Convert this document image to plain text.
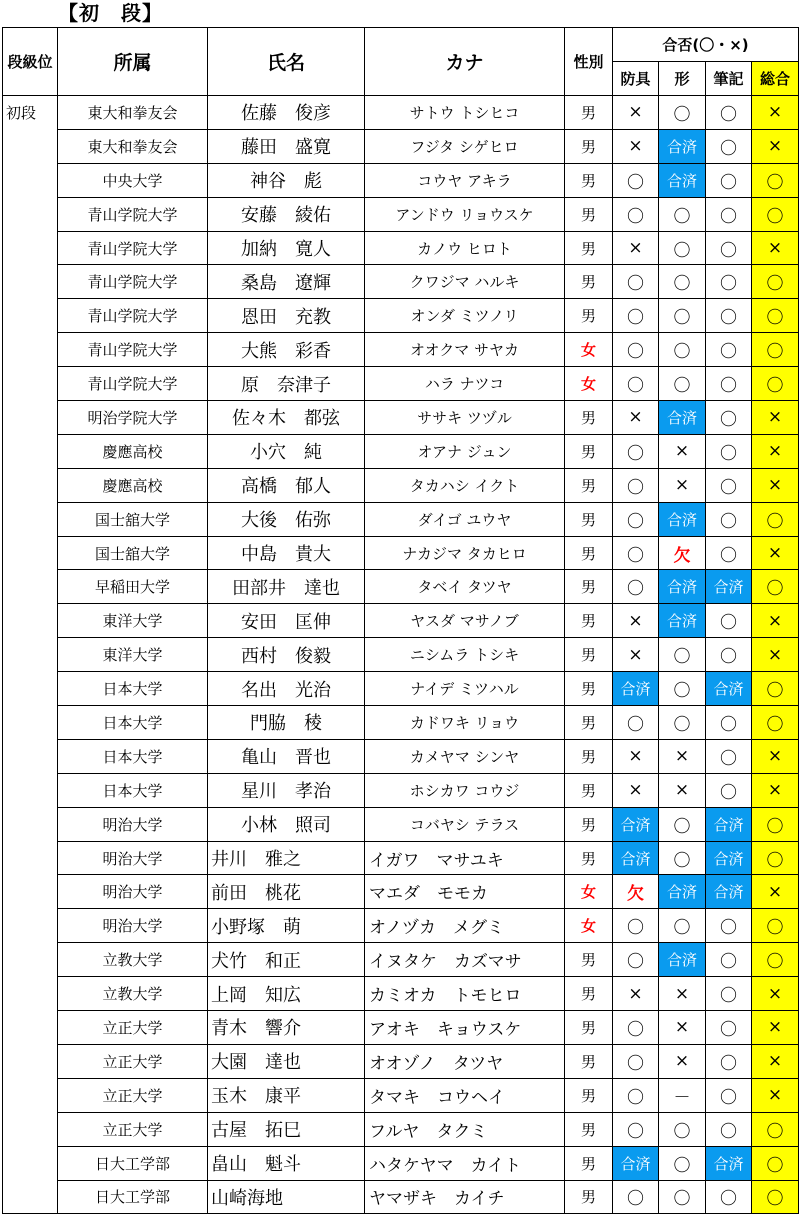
【初　段】
段級位	所属	氏名	カナ	性別	合否(〇・×)			
					防具	形	筆記	総合
初段	東大和拳友会	佐藤　俊彦	サトウ トシヒコ	男	×	〇	〇	×
	東大和拳友会	藤田　盛寛	フジタ シゲヒロ	男	×	合済	〇	×
	中央大学	神谷　彪	コウヤ アキラ	男	〇	合済	〇	〇
	青山学院大学	安藤　綾佑	アンドウ リョウスケ	男	〇	〇	〇	〇
	青山学院大学	加納　寛人	カノウ ヒロト	男	×	〇	〇	×
	青山学院大学	桑島　遼輝	クワジマ ハルキ	男	〇	〇	〇	〇
	青山学院大学	恩田　充教	オンダ ミツノリ	男	〇	〇	〇	〇
	青山学院大学	大熊　彩香	オオクマ サヤカ	女	〇	〇	〇	〇
	青山学院大学	原　奈津子	ハラ ナツコ	女	〇	〇	〇	〇
	明治学院大学	佐々木　都弦	ササキ ツヅル	男	×	合済	〇	×
	慶應高校	小穴　純	オアナ ジュン	男	〇	×	〇	×
	慶應高校	高橋　郁人	タカハシ イクト	男	〇	×	〇	×
	国士舘大学	大後　佑弥	ダイゴ ユウヤ	男	〇	合済	〇	〇
	国士舘大学	中島　貴大	ナカジマ タカヒロ	男	〇	欠	〇	×
	早稲田大学	田部井　達也	タベイ タツヤ	男	〇	合済	合済	〇
	東洋大学	安田　匡伸	ヤスダ マサノブ	男	×	合済	〇	×
	東洋大学	西村　俊毅	ニシムラ トシキ	男	×	〇	〇	×
	日本大学	名出　光治	ナイデ ミツハル	男	合済	〇	合済	〇
	日本大学	門脇　稜	カドワキ リョウ	男	〇	〇	〇	〇
	日本大学	亀山　晋也	カメヤマ シンヤ	男	×	×	〇	×
	日本大学	星川　孝治	ホシカワ コウジ	男	×	×	〇	×
	明治大学	小林　照司	コバヤシ テラス	男	合済	〇	合済	〇
	明治大学	井川　雅之	イガワ　マサユキ	男	合済	〇	合済	〇
	明治大学	前田　桃花	マエダ　モモカ	女	欠	合済	合済	×
	明治大学	小野塚　萌	オノヅカ　メグミ	女	〇	〇	〇	〇
	立教大学	犬竹　和正	イヌタケ　カズマサ	男	〇	合済	〇	〇
	立教大学	上岡　知広	カミオカ　トモヒロ	男	×	×	〇	×
	立正大学	青木　響介	アオキ　キョウスケ	男	〇	×	〇	×
	立正大学	大園　達也	オオゾノ　タツヤ	男	〇	×	〇	×
	立正大学	玉木　康平	タマキ　コウヘイ	男	〇	－	〇	×
	立正大学	古屋　拓巳	フルヤ　タクミ	男	〇	〇	〇	〇
	日大工学部	畠山　魁斗	ハタケヤマ　カイト	男	合済	〇	合済	〇
	日大工学部	山崎海地	ヤマザキ　カイチ	男	〇	〇	〇	〇
